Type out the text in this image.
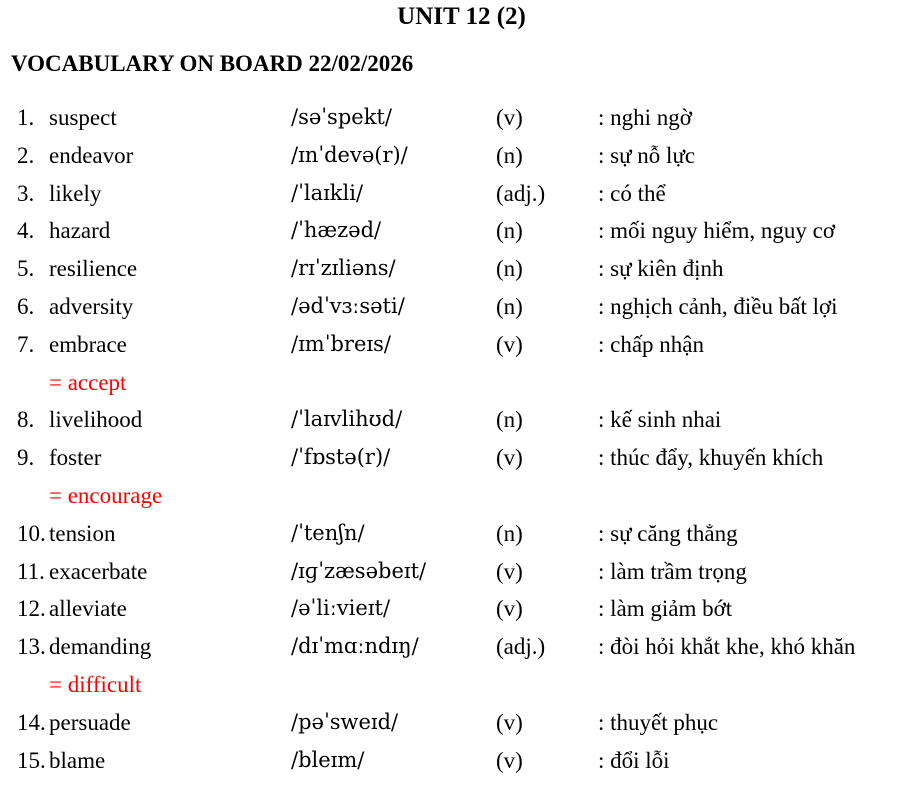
UNIT 12 (2)
VOCABULARY ON BOARD 22/02/2026
1. suspect	/səˈspekt/	(v)	: nghi ngờ
2. endeavor	/ɪnˈdevə(r)/	(n)	: sự nỗ lực
3. likely	/ˈlaɪkli/	(adj.) : có thể
4. hazard	/ˈhæzəd/	(n)	: mối nguy hiểm, nguy cơ
5. resilience	/rɪˈzɪliəns/	(n)	: sự kiên định
6. adversity	/ədˈvɜːsəti/	(n)	: nghịch cảnh, điều bất lợi
7. embrace	/ɪmˈbreɪs/	(v)	: chấp nhận
= accept
8. livelihood	/ˈlaɪvlihʊd/	(n)	: kế sinh nhai
9. foster	/ˈfɒstə(r)/	(v)	: thúc đẩy, khuyến khích
= encourage
10. tension	/ˈtenʃn/	(n)	: sự căng thẳng
11. exacerbate	/ɪɡˈzæsəbeɪt/	(v)	: làm trầm trọng
12. alleviate	/əˈliːvieɪt/	(v)	: làm giảm bớt
13. demanding	/dɪˈmɑːndɪŋ/	(adj.) : đòi hỏi khắt khe, khó khăn
= difficult
14. persuade	/pəˈsweɪd/	(v)	: thuyết phục
15. blame	/bleɪm/	(v)	: đổi lỗi
